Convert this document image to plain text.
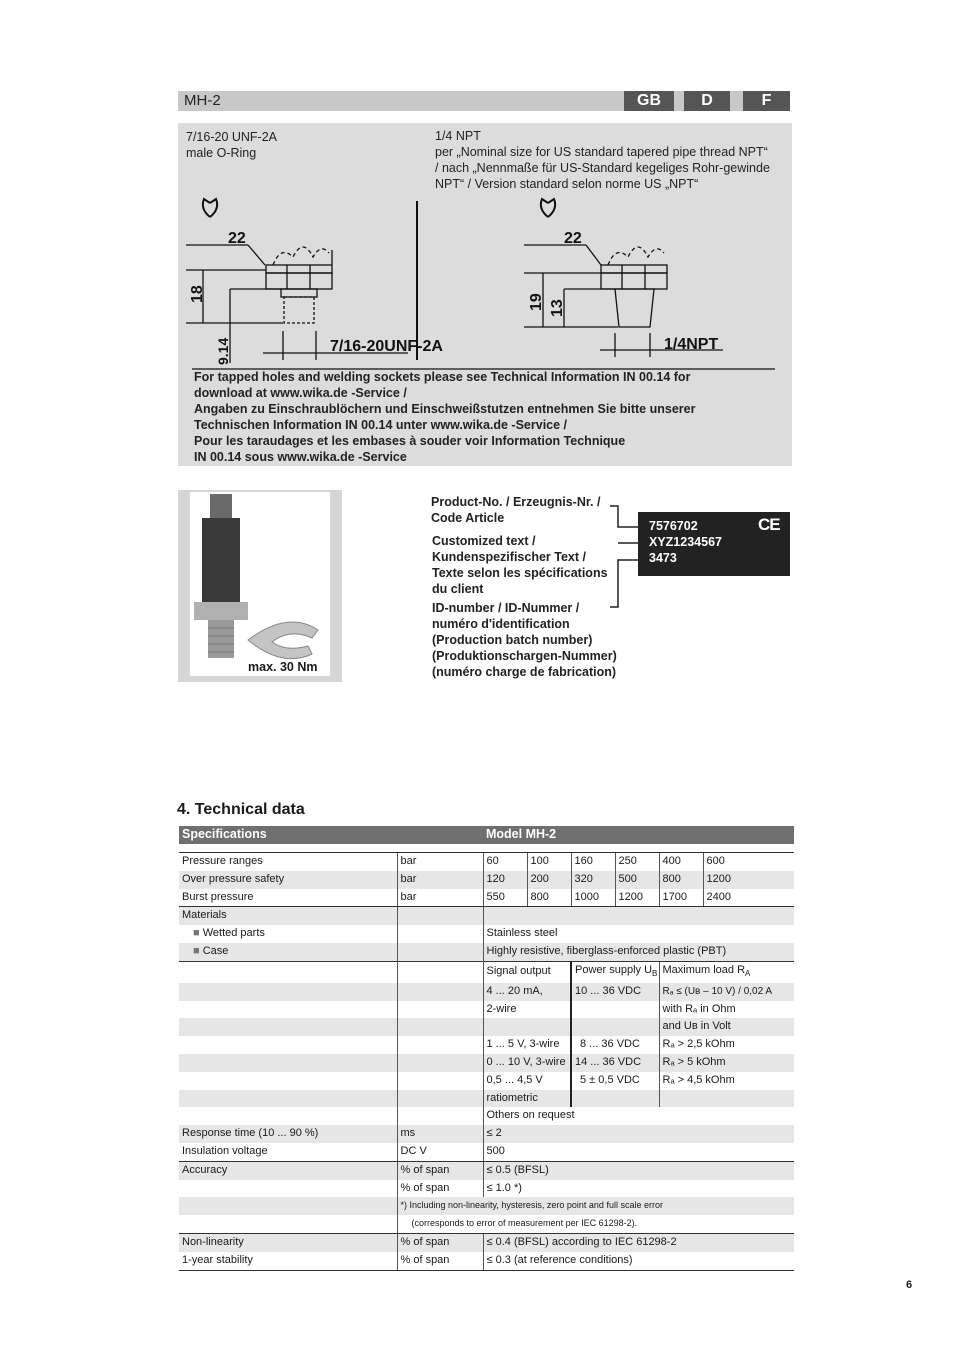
MH-2	GB	D	F
7/16-20 UNF-2A
male O-Ring
1/4 NPT
per „Nominal size for US standard tapered pipe thread NPT“
/ nach „Nennmaße für US-Standard kegeliges Rohr-gewinde
NPT“ / Version standard selon norme US „NPT“
22
18
9.14	7/16-20UNF-2A
22
19 13
1/4NPT
For tapped holes and welding sockets please see Technical Information IN 00.14 for
download at www.wika.de -Service /
Angaben zu Einschraublöchern und Einschweißstutzen entnehmen Sie bitte unserer
Technischen Information IN 00.14 unter www.wika.de -Service /
Pour les taraudages et les embases à souder voir Information Technique
IN 00.14 sous www.wika.de -Service
max. 30 Nm
Product-No. / Erzeugnis-Nr. /
Code Article
Customized text /
Kundenspezifischer Text /
Texte selon les spécifications
du client
ID-number / ID-Nummer /
numéro d'identification
(Production batch number)
(Produktionschargen-Nummer)
(numéro charge de fabrication)
7576702
XYZ1234567
3473
CE
4. Technical data
Specifications		Model MH-2					

Pressure ranges	bar	60	100	160	250	400	600
Over pressure safety	bar	120	200	320	500	800	1200
Burst pressure	bar	550	800	1000	1200	1700	2400
Materials							
■ Wetted parts		Stainless steel					
■ Case		Highly resistive, fiberglass-enforced plastic (PBT)					
		Signal output		Power supply $U_B$		Maximum load $R_A$
		4 ... 20 mA,		10 ... 36 VDC		Rₐ ≤ (Uʙ – 10 V) / 0,02 A	
		2-wire				with Rₐ in Ohm	
						and Uʙ in Volt	
		1 ... 5 V, 3-wire		8 ... 36 VDC		Rₐ > 2,5 kOhm	
		0 ... 10 V, 3-wire		14 ... 36 VDC		Rₐ > 5 kOhm	
		0,5 ... 4,5 V		5 ± 0,5 VDC		Rₐ > 4,5 kOhm	
		ratiometric					
		Others on request					
Response time (10 ... 90 %)	ms	≤ 2					
Insulation voltage	DC V	500					
Accuracy	% of span	≤ 0.5 (BFSL)					
	% of span	≤ 1.0 *)					
	*) Including non-linearity, hysteresis, zero point and full scale error						
	(corresponds to error of measurement per IEC 61298-2).						
Non-linearity	% of span	≤ 0.4 (BFSL) according to IEC 61298-2					
1-year stability	% of span	≤ 0.3 (at reference conditions)					
6
